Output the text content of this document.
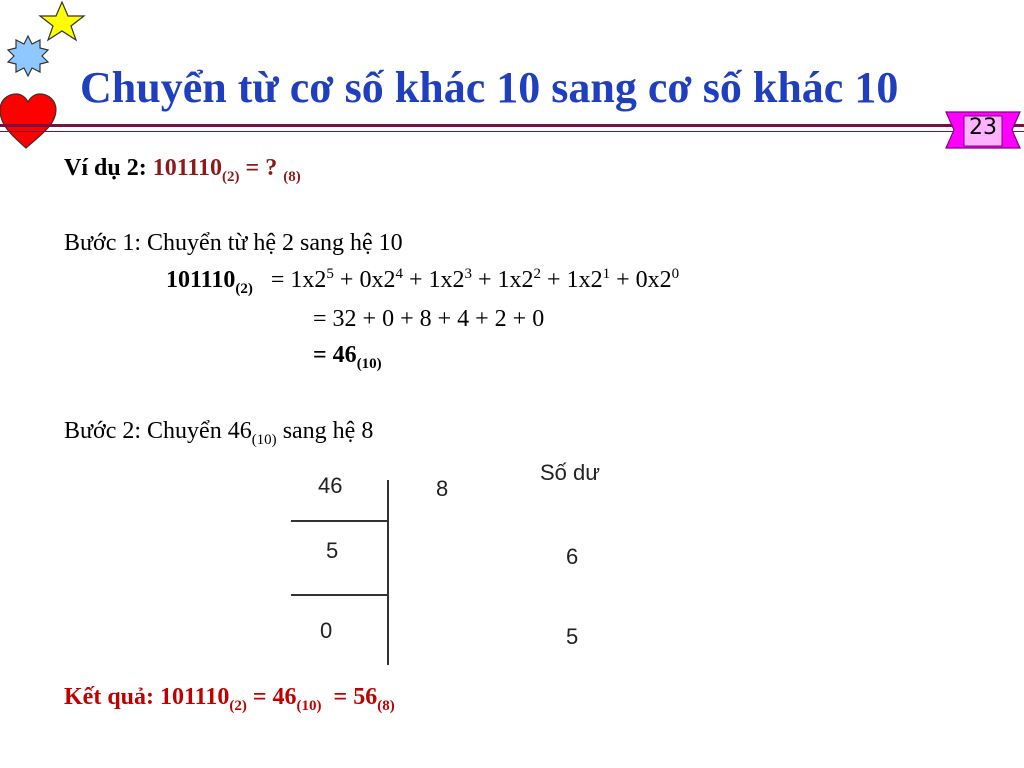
Chuyển từ cơ số khác 10 sang cơ số khác 10
23
Ví dụ 2: $101110_{(2)}$ = ? $_{(8)}$
Bước 1: Chuyển từ hệ 2 sang hệ 10
$101110_{(2)} = 1x2^5 + 0x2^4 + 1x2^3 + 1x2^2 + 1x2^1 + 0x2^0$
= 32 + 0 + 8 + 4 + 2 + 0
= $46_{(10)}$
Bước 2: Chuyển $46_{(10)}$ sang hệ 8
46	8
Số dư
5
0
6
5
Kết quả: $101110_{(2)} = 46_{(10)} = 56_{(8)}$
